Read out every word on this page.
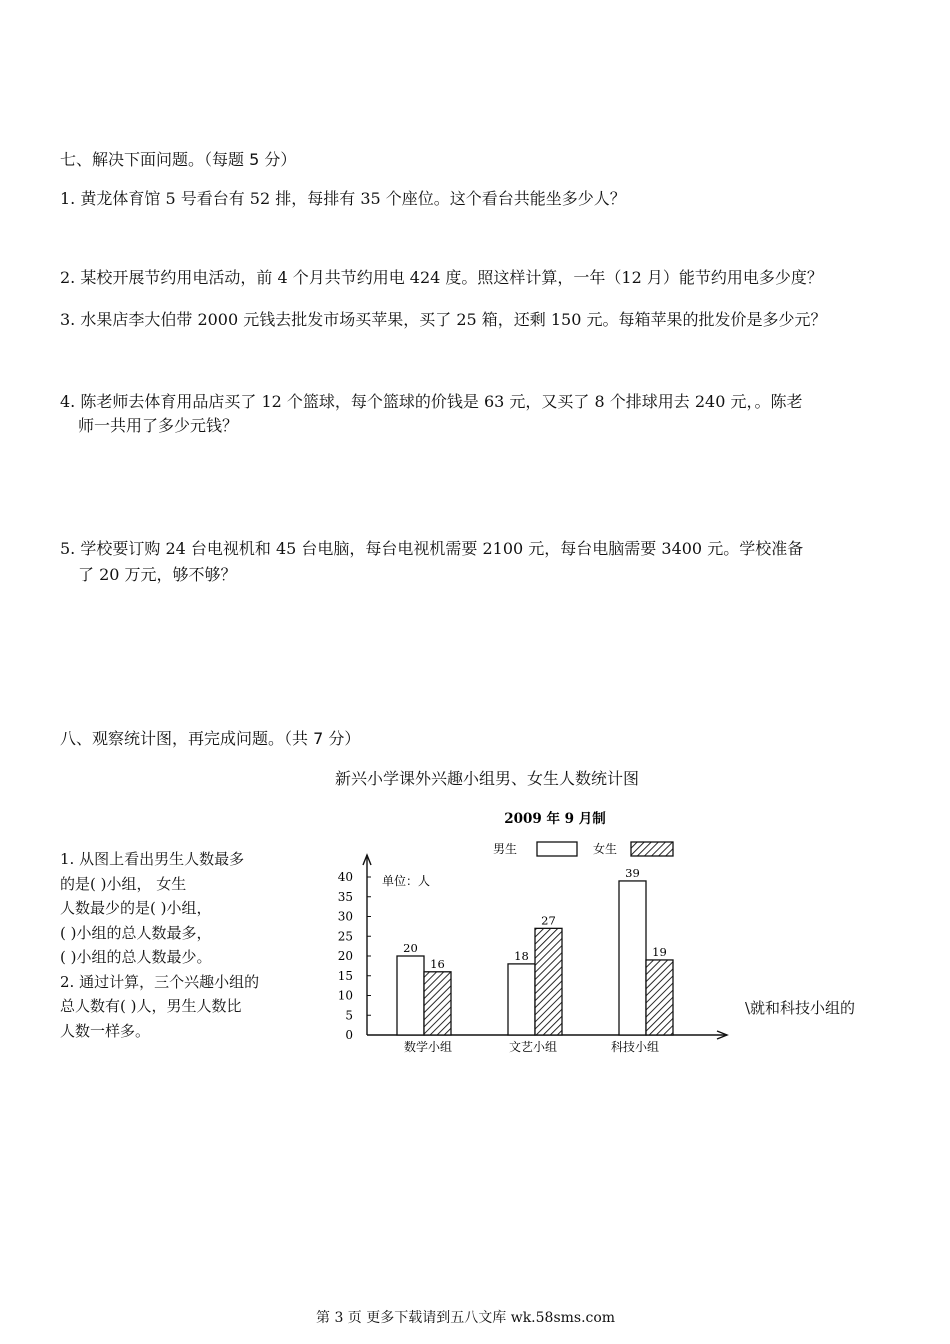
七、解决下面问题。（每题 5 分）
1. 黄龙体育馆 5 号看台有 52 排，每排有 35 个座位。这个看台共能坐多少人？
2. 某校开展节约用电活动，前 4 个月共节约用电 424 度。照这样计算，一年（12 月）能节约用电多少度？
3. 水果店李大伯带 2000 元钱去批发市场买苹果，买了 25 箱，还剩 150 元。每箱苹果的批发价是多少元？
4. 陈老师去体育用品店买了 12 个篮球，每个篮球的价钱是 63 元，又买了 8 个排球用去 240 元，。陈老
师一共用了多少元钱？
5. 学校要订购 24 台电视机和 45 台电脑，每台电视机需要 2100 元，每台电脑需要 3400 元。学校准备
了 20 万元，够不够？
八、观察统计图，再完成问题。（共 7 分）
新兴小学课外兴趣小组男、女生人数统计图
1. 从图上看出男生人数最多
的是( )小组， 女生
人数最少的是( )小组，
( )小组的总人数最多，
( )小组的总人数最少。
2. 通过计算，三个兴趣小组的
总人数有( )人，男生人数比
人数一样多。
\就和科技小组的
2009 年 9 月制
男生	女生
单位：人
数学小组	文艺小组	科技小组
0
5
10
15
20
25
30
35
40
20
16
18
27
39
19
第 3 页 更多下载请到五八文库 wk.58sms.com
